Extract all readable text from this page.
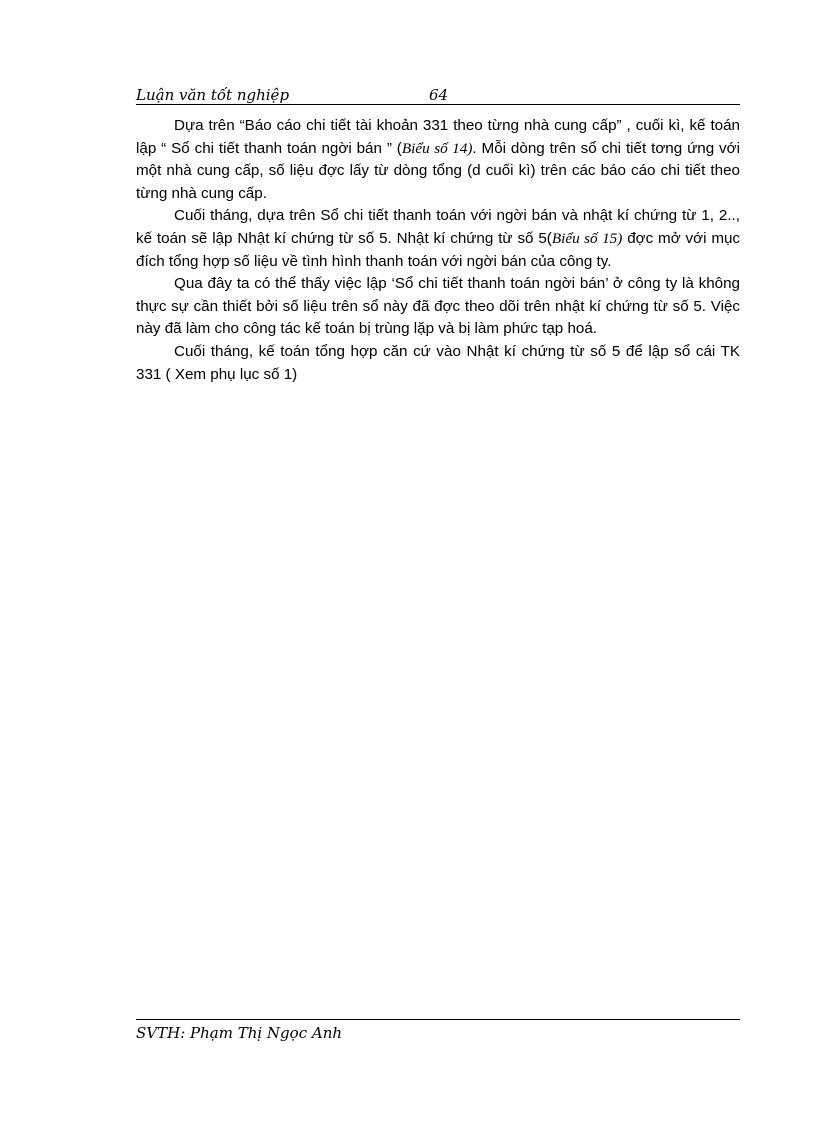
Luận văn tốt nghiệp	64

Dựa trên “Báo cáo chi tiết tài khoản 331 theo từng nhà cung cấp” , cuối kì, kế toán lập “ Sổ chi tiết thanh toán ngời bán ” (Biểu số 14). Mỗi dòng trên sổ chi tiết tơng ứng với một nhà cung cấp, số liệu đợc lấy từ dòng tổng (d cuối kì) trên các báo cáo chi tiết theo từng nhà cung cấp.

Cuối tháng, dựa trên Sổ chi tiết thanh toán với ngời bán và nhật kí chứng từ 1, 2.., kế toán sẽ lập Nhật kí chứng từ số 5. Nhật kí chứng từ số 5(Biểu số 15) đợc mở với mục đích tổng hợp số liệu về tình hình thanh toán với ngời bán của công ty.

Qua đây ta có thể thấy việc lập ‘Sổ chi tiết thanh toán ngời bán’ ở công ty là không thực sự cần thiết bởi số liệu trên sổ này đã đợc theo dõi trên nhật kí chứng từ số 5. Việc này đã làm cho công tác kế toán bị trùng lặp và bị làm phức tạp hoá.

Cuối tháng, kế toán tổng hợp căn cứ vào Nhật kí chứng từ số 5 để lập sổ cái TK 331 ( Xem phụ lục số 1)

SVTH: Phạm Thị Ngọc Anh
